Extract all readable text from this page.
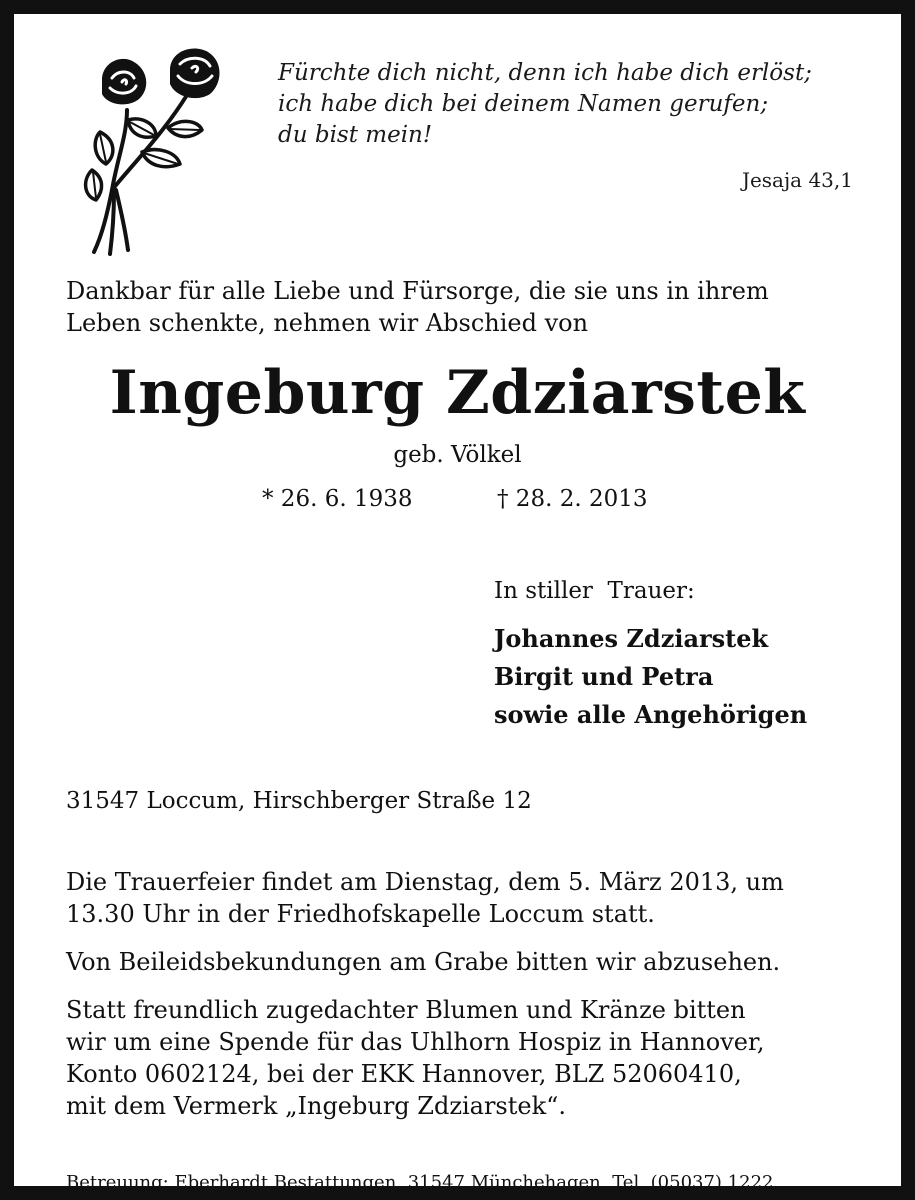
Fürchte dich nicht, denn ich habe dich erlöst;
ich habe dich bei deinem Namen gerufen;
du bist mein!
Jesaja 43,1
Dankbar für alle Liebe und Fürsorge, die sie uns in ihrem
Leben schenkte, nehmen wir Abschied von
Ingeburg Zdziarstek
geb. Völkel
* 26. 6. 1938	† 28. 2. 2013
In stiller  Trauer:
Johannes Zdziarstek
Birgit und Petra
sowie alle Angehörigen
31547 Loccum, Hirschberger Straße 12
Die Trauerfeier findet am Dienstag, dem 5. März 2013, um
13.30 Uhr in der Friedhofskapelle Loccum statt.
Von Beileidsbekundungen am Grabe bitten wir abzusehen.
Statt freundlich zugedachter Blumen und Kränze bitten
wir um eine Spende für das Uhlhorn Hospiz in Hannover,
Konto 0602124, bei der EKK Hannover, BLZ 52060410,
mit dem Vermerk „Ingeburg Zdziarstek“.
Betreuung: Eberhardt Bestattungen, 31547 Münchehagen, Tel. (05037) 1222
